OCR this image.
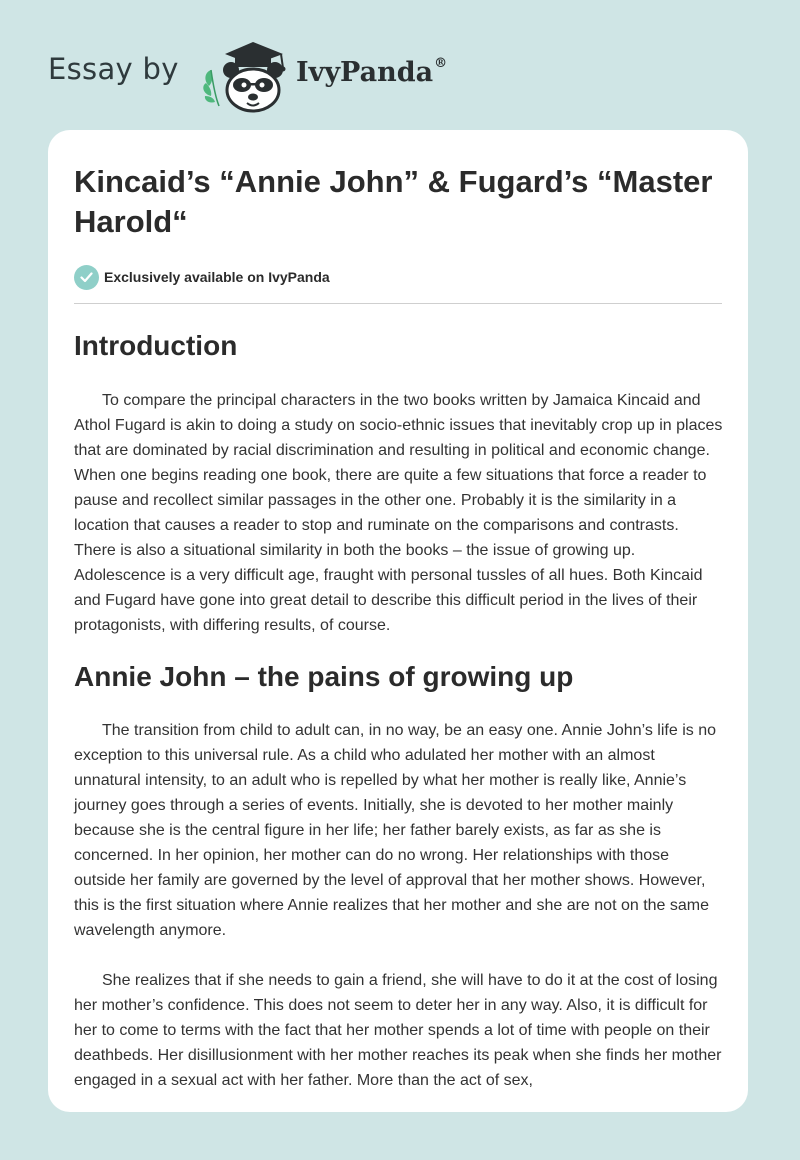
Essay by	IvyPanda®
Kincaid’s “Annie John” & Fugard’s “Master Harold“
Exclusively available on IvyPanda
Introduction

To compare the principal characters in the two books written by Jamaica Kincaid and Athol Fugard is akin to doing a study on socio-ethnic issues that inevitably crop up in places that are dominated by racial discrimination and resulting in political and economic change. When one begins reading one book, there are quite a few situations that force a reader to pause and recollect similar passages in the other one. Probably it is the similarity in a location that causes a reader to stop and ruminate on the comparisons and contrasts. There is also a situational similarity in both the books – the issue of growing up. Adolescence is a very difficult age, fraught with personal tussles of all hues. Both Kincaid and Fugard have gone into great detail to describe this difficult period in the lives of their protagonists, with differing results, of course.

Annie John – the pains of growing up

The transition from child to adult can, in no way, be an easy one. Annie John’s life is no exception to this universal rule. As a child who adulated her mother with an almost unnatural intensity, to an adult who is repelled by what her mother is really like, Annie’s journey goes through a series of events. Initially, she is devoted to her mother mainly because she is the central figure in her life; her father barely exists, as far as she is concerned. In her opinion, her mother can do no wrong. Her relationships with those outside her family are governed by the level of approval that her mother shows. However, this is the first situation where Annie realizes that her mother and she are not on the same wavelength anymore.

She realizes that if she needs to gain a friend, she will have to do it at the cost of losing her mother’s confidence. This does not seem to deter her in any way. Also, it is difficult for her to come to terms with the fact that her mother spends a lot of time with people on their deathbeds. Her disillusionment with her mother reaches its peak when she finds her mother engaged in a sexual act with her father. More than the act of sex,
